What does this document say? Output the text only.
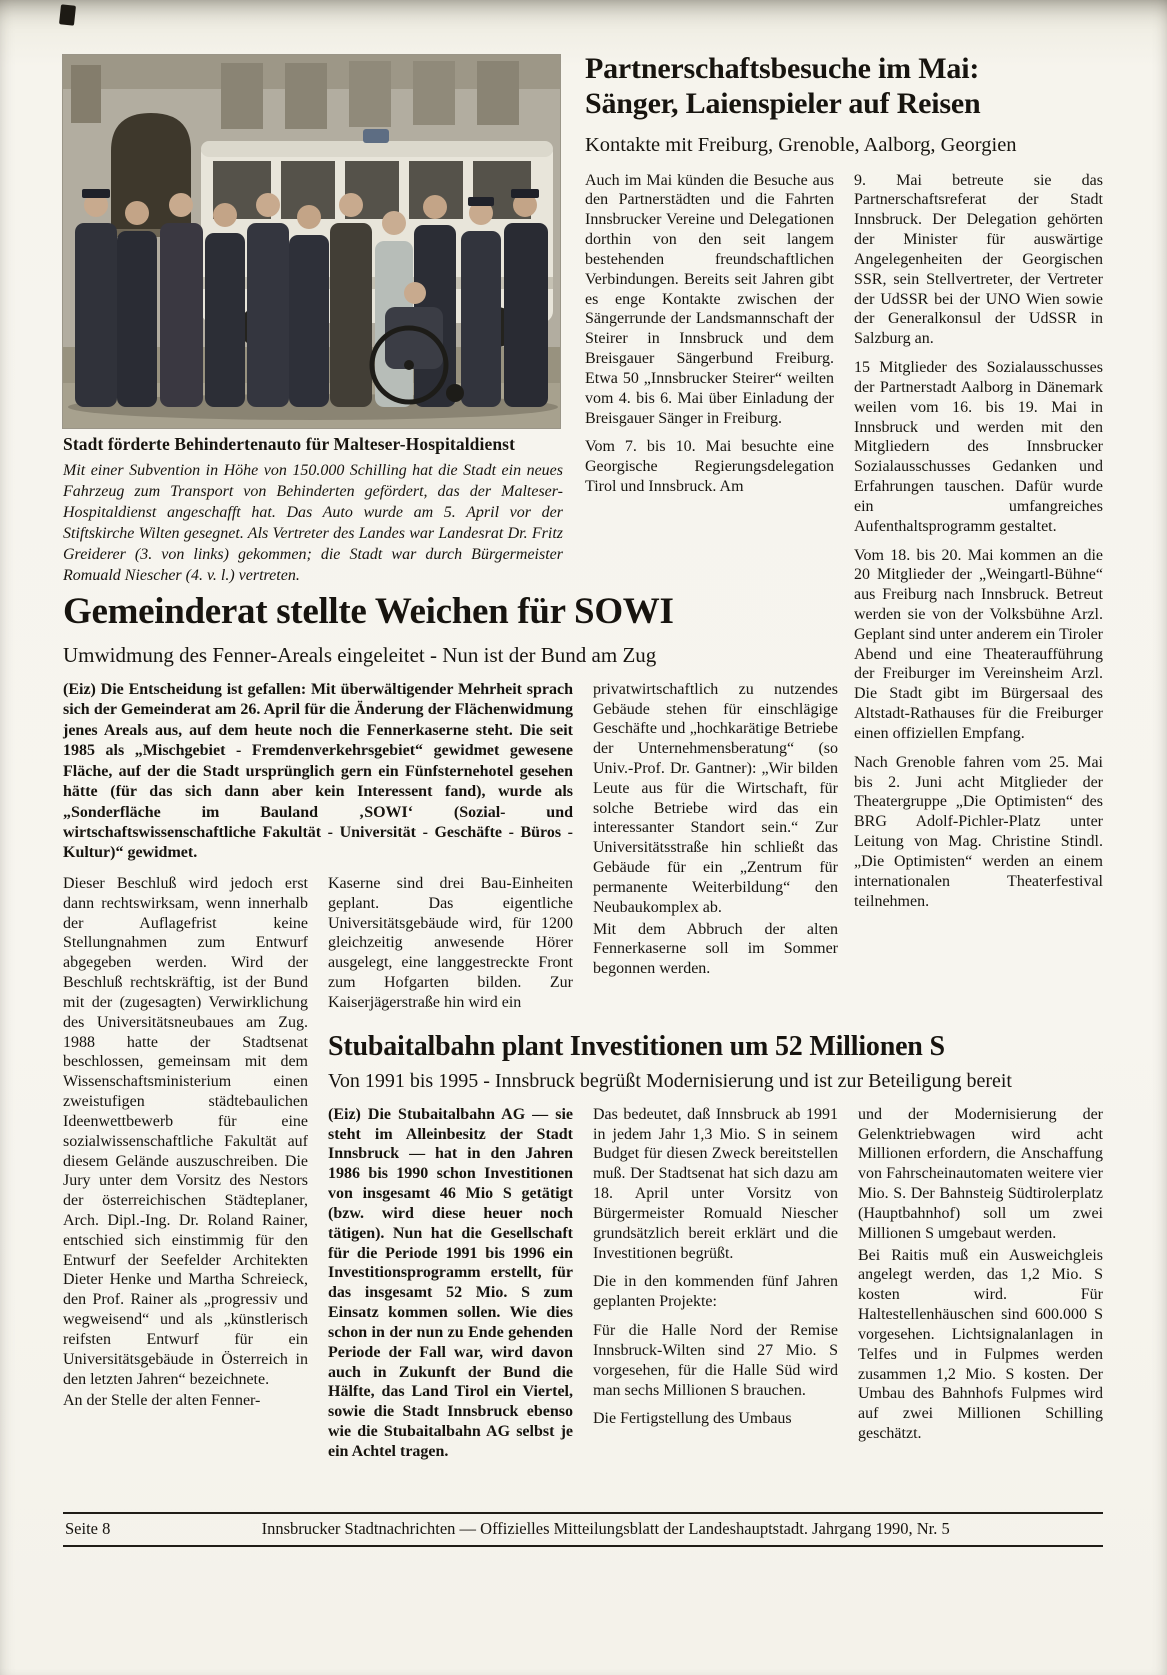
Stadt förderte Behindertenauto für Malteser-Hospitaldienst
Mit einer Subvention in Höhe von 150.000 Schilling hat die Stadt ein neues Fahrzeug zum Transport von Behinderten gefördert, das der Malteser-Hospitaldienst angeschafft hat. Das Auto wurde am 5. April vor der Stiftskirche Wilten gesegnet. Als Vertreter des Landes war Landesrat Dr. Fritz Greiderer (3. von links) gekommen; die Stadt war durch Bürgermeister Romuald Niescher (4. v. l.) vertreten.
Partnerschaftsbesuche im Mai:
Sänger, Laienspieler auf Reisen
Kontakte mit Freiburg, Grenoble, Aalborg, Georgien

Auch im Mai künden die Besuche aus den Partnerstädten und die Fahrten Innsbrucker Vereine und Delegationen dorthin von den seit langem bestehenden freundschaftlichen Verbindungen. Bereits seit Jahren gibt es enge Kontakte zwischen der Sängerrunde der Landsmannschaft der Steirer in Innsbruck und dem Breisgauer Sängerbund Freiburg. Etwa 50 „Innsbrucker Steirer“ weilten vom 4. bis 6. Mai über Einladung der Breisgauer Sänger in Freiburg.

Vom 7. bis 10. Mai besuchte eine Georgische Regierungsdelegation Tirol und Innsbruck. Am

9. Mai betreute sie das Partnerschaftsreferat der Stadt Innsbruck. Der Delegation gehörten der Minister für auswärtige Angelegenheiten der Georgischen SSR, sein Stellvertreter, der Vertreter der UdSSR bei der UNO Wien sowie der Generalkonsul der UdSSR in Salzburg an.

15 Mitglieder des Sozialausschusses der Partnerstadt Aalborg in Dänemark weilen vom 16. bis 19. Mai in Innsbruck und werden mit den Mitgliedern des Innsbrucker Sozialausschusses Gedanken und Erfahrungen tauschen. Dafür wurde ein umfangreiches Aufenthaltsprogramm gestaltet.

Vom 18. bis 20. Mai kommen an die 20 Mitglieder der „Weingartl-Bühne“ aus Freiburg nach Innsbruck. Betreut werden sie von der Volksbühne Arzl. Geplant sind unter anderem ein Tiroler Abend und eine Theateraufführung der Freiburger im Vereinsheim Arzl. Die Stadt gibt im Bürgersaal des Altstadt-Rathauses für die Freiburger einen offiziellen Empfang.

Nach Grenoble fahren vom 25. Mai bis 2. Juni acht Mitglieder der Theatergruppe „Die Optimisten“ des BRG Adolf-Pichler-Platz unter Leitung von Mag. Christine Stindl. „Die Optimisten“ werden an einem internationalen Theaterfestival teilnehmen.

Gemeinderat stellte Weichen für SOWI
Umwidmung des Fenner-Areals eingeleitet - Nun ist der Bund am Zug

(Eiz) Die Entscheidung ist gefallen: Mit überwältigender Mehrheit sprach sich der Gemeinderat am 26. April für die Änderung der Flächenwidmung jenes Areals aus, auf dem heute noch die Fennerkaserne steht. Die seit 1985 als „Mischgebiet - Fremdenverkehrsgebiet“ gewidmet gewesene Fläche, auf der die Stadt ursprünglich gern ein Fünfsternehotel gesehen hätte (für das sich dann aber kein Interessent fand), wurde als „Sonderfläche im Bauland ‚SOWI‘ (Sozial- und wirtschaftswissenschaftliche Fakultät - Universität - Geschäfte - Büros - Kultur)“ gewidmet.

Dieser Beschluß wird jedoch erst dann rechtswirksam, wenn innerhalb der Auflagefrist keine Stellungnahmen zum Entwurf abgegeben werden. Wird der Beschluß rechtskräftig, ist der Bund mit der (zugesagten) Verwirklichung des Universitätsneubaues am Zug. 1988 hatte der Stadtsenat beschlossen, gemeinsam mit dem Wissenschaftsministerium einen zweistufigen städtebaulichen Ideenwettbewerb für eine sozialwissenschaftliche Fakultät auf diesem Gelände auszuschreiben. Die Jury unter dem Vorsitz des Nestors der österreichischen Städteplaner, Arch. Dipl.-Ing. Dr. Roland Rainer, entschied sich einstimmig für den Entwurf der Seefelder Architekten Dieter Henke und Martha Schreieck, den Prof. Rainer als „progressiv und wegweisend“ und als „künstlerisch reifsten Entwurf für ein Universitätsgebäude in Österreich in den letzten Jahren“ bezeichnete.

An der Stelle der alten Fenner-

Kaserne sind drei Bau-Einheiten geplant. Das eigentliche Universitätsgebäude wird, für 1200 gleichzeitig anwesende Hörer ausgelegt, eine langgestreckte Front zum Hofgarten bilden. Zur Kaiserjägerstraße hin wird ein

privatwirtschaftlich zu nutzendes Gebäude stehen für einschlägige Geschäfte und „hochkarätige Betriebe der Unternehmensberatung“ (so Univ.-Prof. Dr. Gantner): „Wir bilden Leute aus für die Wirtschaft, für solche Betriebe wird das ein interessanter Standort sein.“ Zur Universitätsstraße hin schließt das Gebäude für ein „Zentrum für permanente Weiterbildung“ den Neubaukomplex ab.

Mit dem Abbruch der alten Fennerkaserne soll im Sommer begonnen werden.

Stubaitalbahn plant Investitionen um 52 Millionen S
Von 1991 bis 1995 - Innsbruck begrüßt Modernisierung und ist zur Beteiligung bereit

(Eiz) Die Stubaitalbahn AG — sie steht im Alleinbesitz der Stadt Innsbruck — hat in den Jahren 1986 bis 1990 schon Investitionen von insgesamt 46 Mio S getätigt (bzw. wird diese heuer noch tätigen). Nun hat die Gesellschaft für die Periode 1991 bis 1996 ein Investitionsprogramm erstellt, für das insgesamt 52 Mio. S zum Einsatz kommen sollen. Wie dies schon in der nun zu Ende gehenden Periode der Fall war, wird davon auch in Zukunft der Bund die Hälfte, das Land Tirol ein Viertel, sowie die Stadt Innsbruck ebenso wie die Stubaitalbahn AG selbst je ein Achtel tragen.

Das bedeutet, daß Innsbruck ab 1991 in jedem Jahr 1,3 Mio. S in seinem Budget für diesen Zweck bereitstellen muß. Der Stadtsenat hat sich dazu am 18. April unter Vorsitz von Bürgermeister Romuald Niescher grundsätzlich bereit erklärt und die Investitionen begrüßt.

Die in den kommenden fünf Jahren geplanten Projekte:

Für die Halle Nord der Remise Innsbruck-Wilten sind 27 Mio. S vorgesehen, für die Halle Süd wird man sechs Millionen S brauchen.

Die Fertigstellung des Umbaus

und der Modernisierung der Gelenktriebwagen wird acht Millionen erfordern, die Anschaffung von Fahrscheinautomaten weitere vier Mio. S. Der Bahnsteig Südtirolerplatz (Hauptbahnhof) soll um zwei Millionen S umgebaut werden.

Bei Raitis muß ein Ausweichgleis angelegt werden, das 1,2 Mio. S kosten wird. Für Haltestellenhäuschen sind 600.000 S vorgesehen. Lichtsignalanlagen in Telfes und in Fulpmes werden zusammen 1,2 Mio. S kosten. Der Umbau des Bahnhofs Fulpmes wird auf zwei Millionen Schilling geschätzt.

Seite 8	Innsbrucker Stadtnachrichten — Offizielles Mitteilungsblatt der Landeshauptstadt. Jahrgang 1990, Nr. 5
